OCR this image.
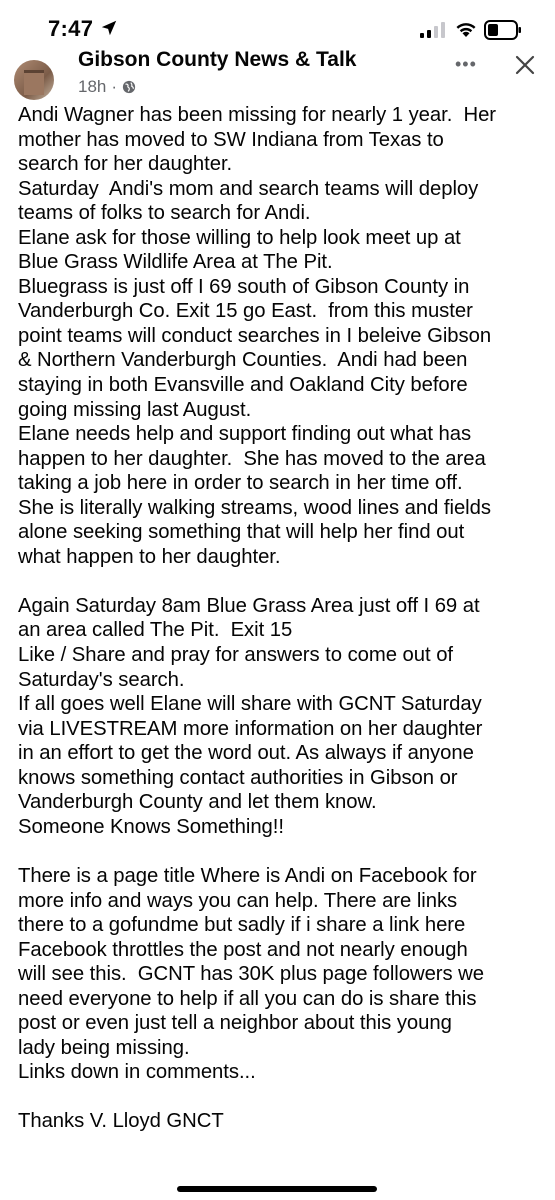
7:47
Gibson County News & Talk
18h ·
•••
Andi Wagner has been missing for nearly 1 year.  Her
mother has moved to SW Indiana from Texas to
search for her daughter.
Saturday  Andi's mom and search teams will deploy
teams of folks to search for Andi.
Elane ask for those willing to help look meet up at
Blue Grass Wildlife Area at The Pit.
Bluegrass is just off I 69 south of Gibson County in
Vanderburgh Co. Exit 15 go East.  from this muster
point teams will conduct searches in I beleive Gibson
& Northern Vanderburgh Counties.  Andi had been
staying in both Evansville and Oakland City before
going missing last August.
Elane needs help and support finding out what has
happen to her daughter.  She has moved to the area
taking a job here in order to search in her time off.
She is literally walking streams, wood lines and fields
alone seeking something that will help her find out
what happen to her daughter.

Again Saturday 8am Blue Grass Area just off I 69 at
an area called The Pit.  Exit 15
Like / Share and pray for answers to come out of
Saturday's search.
If all goes well Elane will share with GCNT Saturday
via LIVESTREAM more information on her daughter
in an effort to get the word out. As always if anyone
knows something contact authorities in Gibson or
Vanderburgh County and let them know.
Someone Knows Something!!

There is a page title Where is Andi on Facebook for
more info and ways you can help. There are links
there to a gofundme but sadly if i share a link here
Facebook throttles the post and not nearly enough
will see this.  GCNT has 30K plus page followers we
need everyone to help if all you can do is share this
post or even just tell a neighbor about this young
lady being missing.
Links down in comments...

Thanks V. Lloyd GNCT
